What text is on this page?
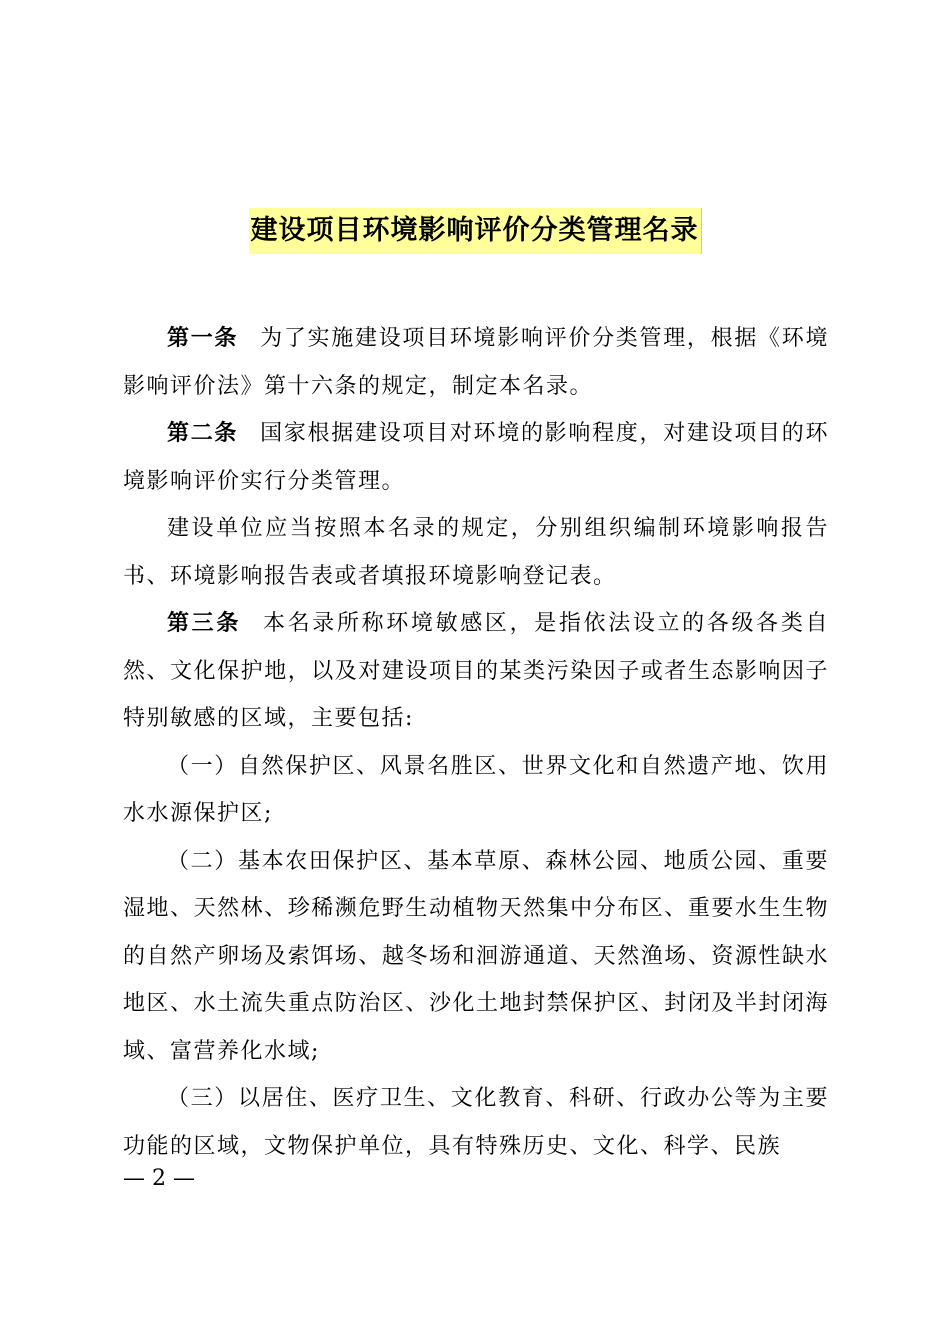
建设项目环境影响评价分类管理名录

第一条 为了实施建设项目环境影响评价分类管理，根据《环境影响评价法》第十六条的规定，制定本名录。

第二条 国家根据建设项目对环境的影响程度，对建设项目的环境影响评价实行分类管理。

建设单位应当按照本名录的规定，分别组织编制环境影响报告书、环境影响报告表或者填报环境影响登记表。

第三条 本名录所称环境敏感区，是指依法设立的各级各类自然、文化保护地，以及对建设项目的某类污染因子或者生态影响因子特别敏感的区域，主要包括:

（一）自然保护区、风景名胜区、世界文化和自然遗产地、饮用水水源保护区;

（二）基本农田保护区、基本草原、森林公园、地质公园、重要湿地、天然林、珍稀濒危野生动植物天然集中分布区、重要水生生物的自然产卵场及索饵场、越冬场和洄游通道、天然渔场、资源性缺水地区、水土流失重点防治区、沙化土地封禁保护区、封闭及半封闭海域、富营养化水域;

（三）以居住、医疗卫生、文化教育、科研、行政办公等为主要功能的区域，文物保护单位，具有特殊历史、文化、科学、民族

— 2 —
